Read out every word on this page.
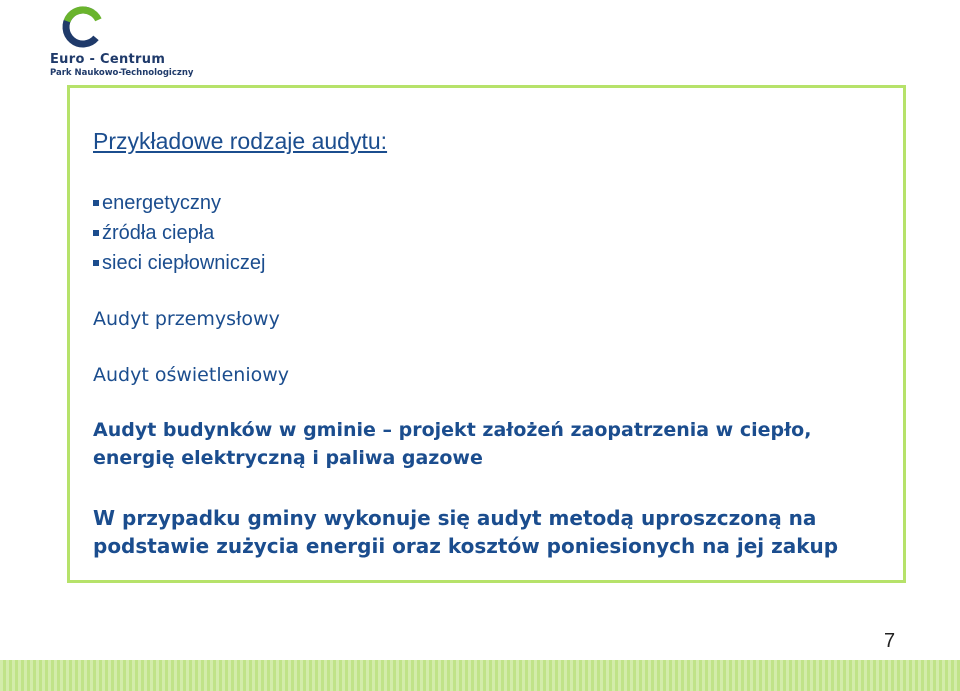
Euro - Centrum
Park Naukowo-Technologiczny
Przykładowe rodzaje audytu:
energetyczny
źródła ciepła
sieci ciepłowniczej
Audyt przemysłowy
Audyt oświetleniowy
Audyt budynków w gminie – projekt założeń zaopatrzenia w ciepło,
energię elektryczną i paliwa gazowe
W przypadku gminy wykonuje się audyt metodą uproszczoną na
podstawie zużycia energii oraz kosztów poniesionych na jej zakup
7
